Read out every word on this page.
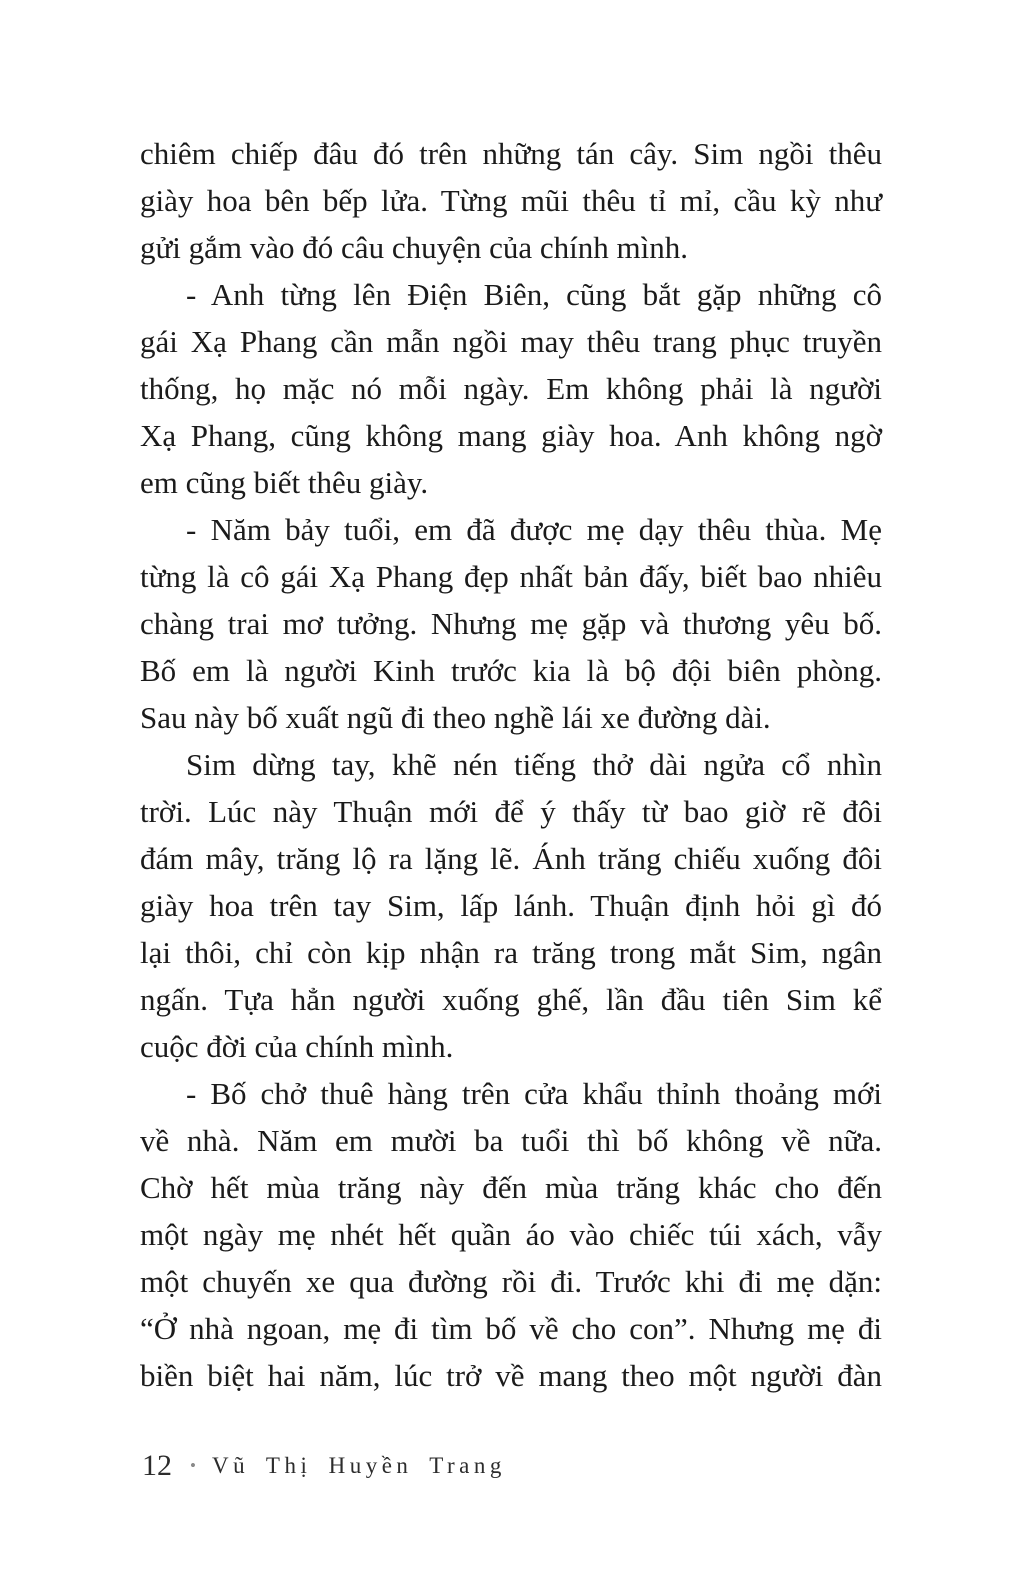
chiêm chiếp đâu đó trên những tán cây. Sim ngồi thêu
giày hoa bên bếp lửa. Từng mũi thêu tỉ mỉ, cầu kỳ như
gửi gắm vào đó câu chuyện của chính mình.
- Anh từng lên Điện Biên, cũng bắt gặp những cô
gái Xạ Phang cần mẫn ngồi may thêu trang phục truyền
thống, họ mặc nó mỗi ngày. Em không phải là người
Xạ Phang, cũng không mang giày hoa. Anh không ngờ
em cũng biết thêu giày.
- Năm bảy tuổi, em đã được mẹ dạy thêu thùa. Mẹ
từng là cô gái Xạ Phang đẹp nhất bản đấy, biết bao nhiêu
chàng trai mơ tưởng. Nhưng mẹ gặp và thương yêu bố.
Bố em là người Kinh trước kia là bộ đội biên phòng.
Sau này bố xuất ngũ đi theo nghề lái xe đường dài.
Sim dừng tay, khẽ nén tiếng thở dài ngửa cổ nhìn
trời. Lúc này Thuận mới để ý thấy từ bao giờ rẽ đôi
đám mây, trăng lộ ra lặng lẽ. Ánh trăng chiếu xuống đôi
giày hoa trên tay Sim, lấp lánh. Thuận định hỏi gì đó
lại thôi, chỉ còn kịp nhận ra trăng trong mắt Sim, ngân
ngấn. Tựa hẳn người xuống ghế, lần đầu tiên Sim kể
cuộc đời của chính mình.
- Bố chở thuê hàng trên cửa khẩu thỉnh thoảng mới
về nhà. Năm em mười ba tuổi thì bố không về nữa.
Chờ hết mùa trăng này đến mùa trăng khác cho đến
một ngày mẹ nhét hết quần áo vào chiếc túi xách, vẫy
một chuyến xe qua đường rồi đi. Trước khi đi mẹ dặn:
“Ở nhà ngoan, mẹ đi tìm bố về cho con”. Nhưng mẹ đi
biền biệt hai năm, lúc trở về mang theo một người đàn
12 • Vũ Thị Huyền Trang
